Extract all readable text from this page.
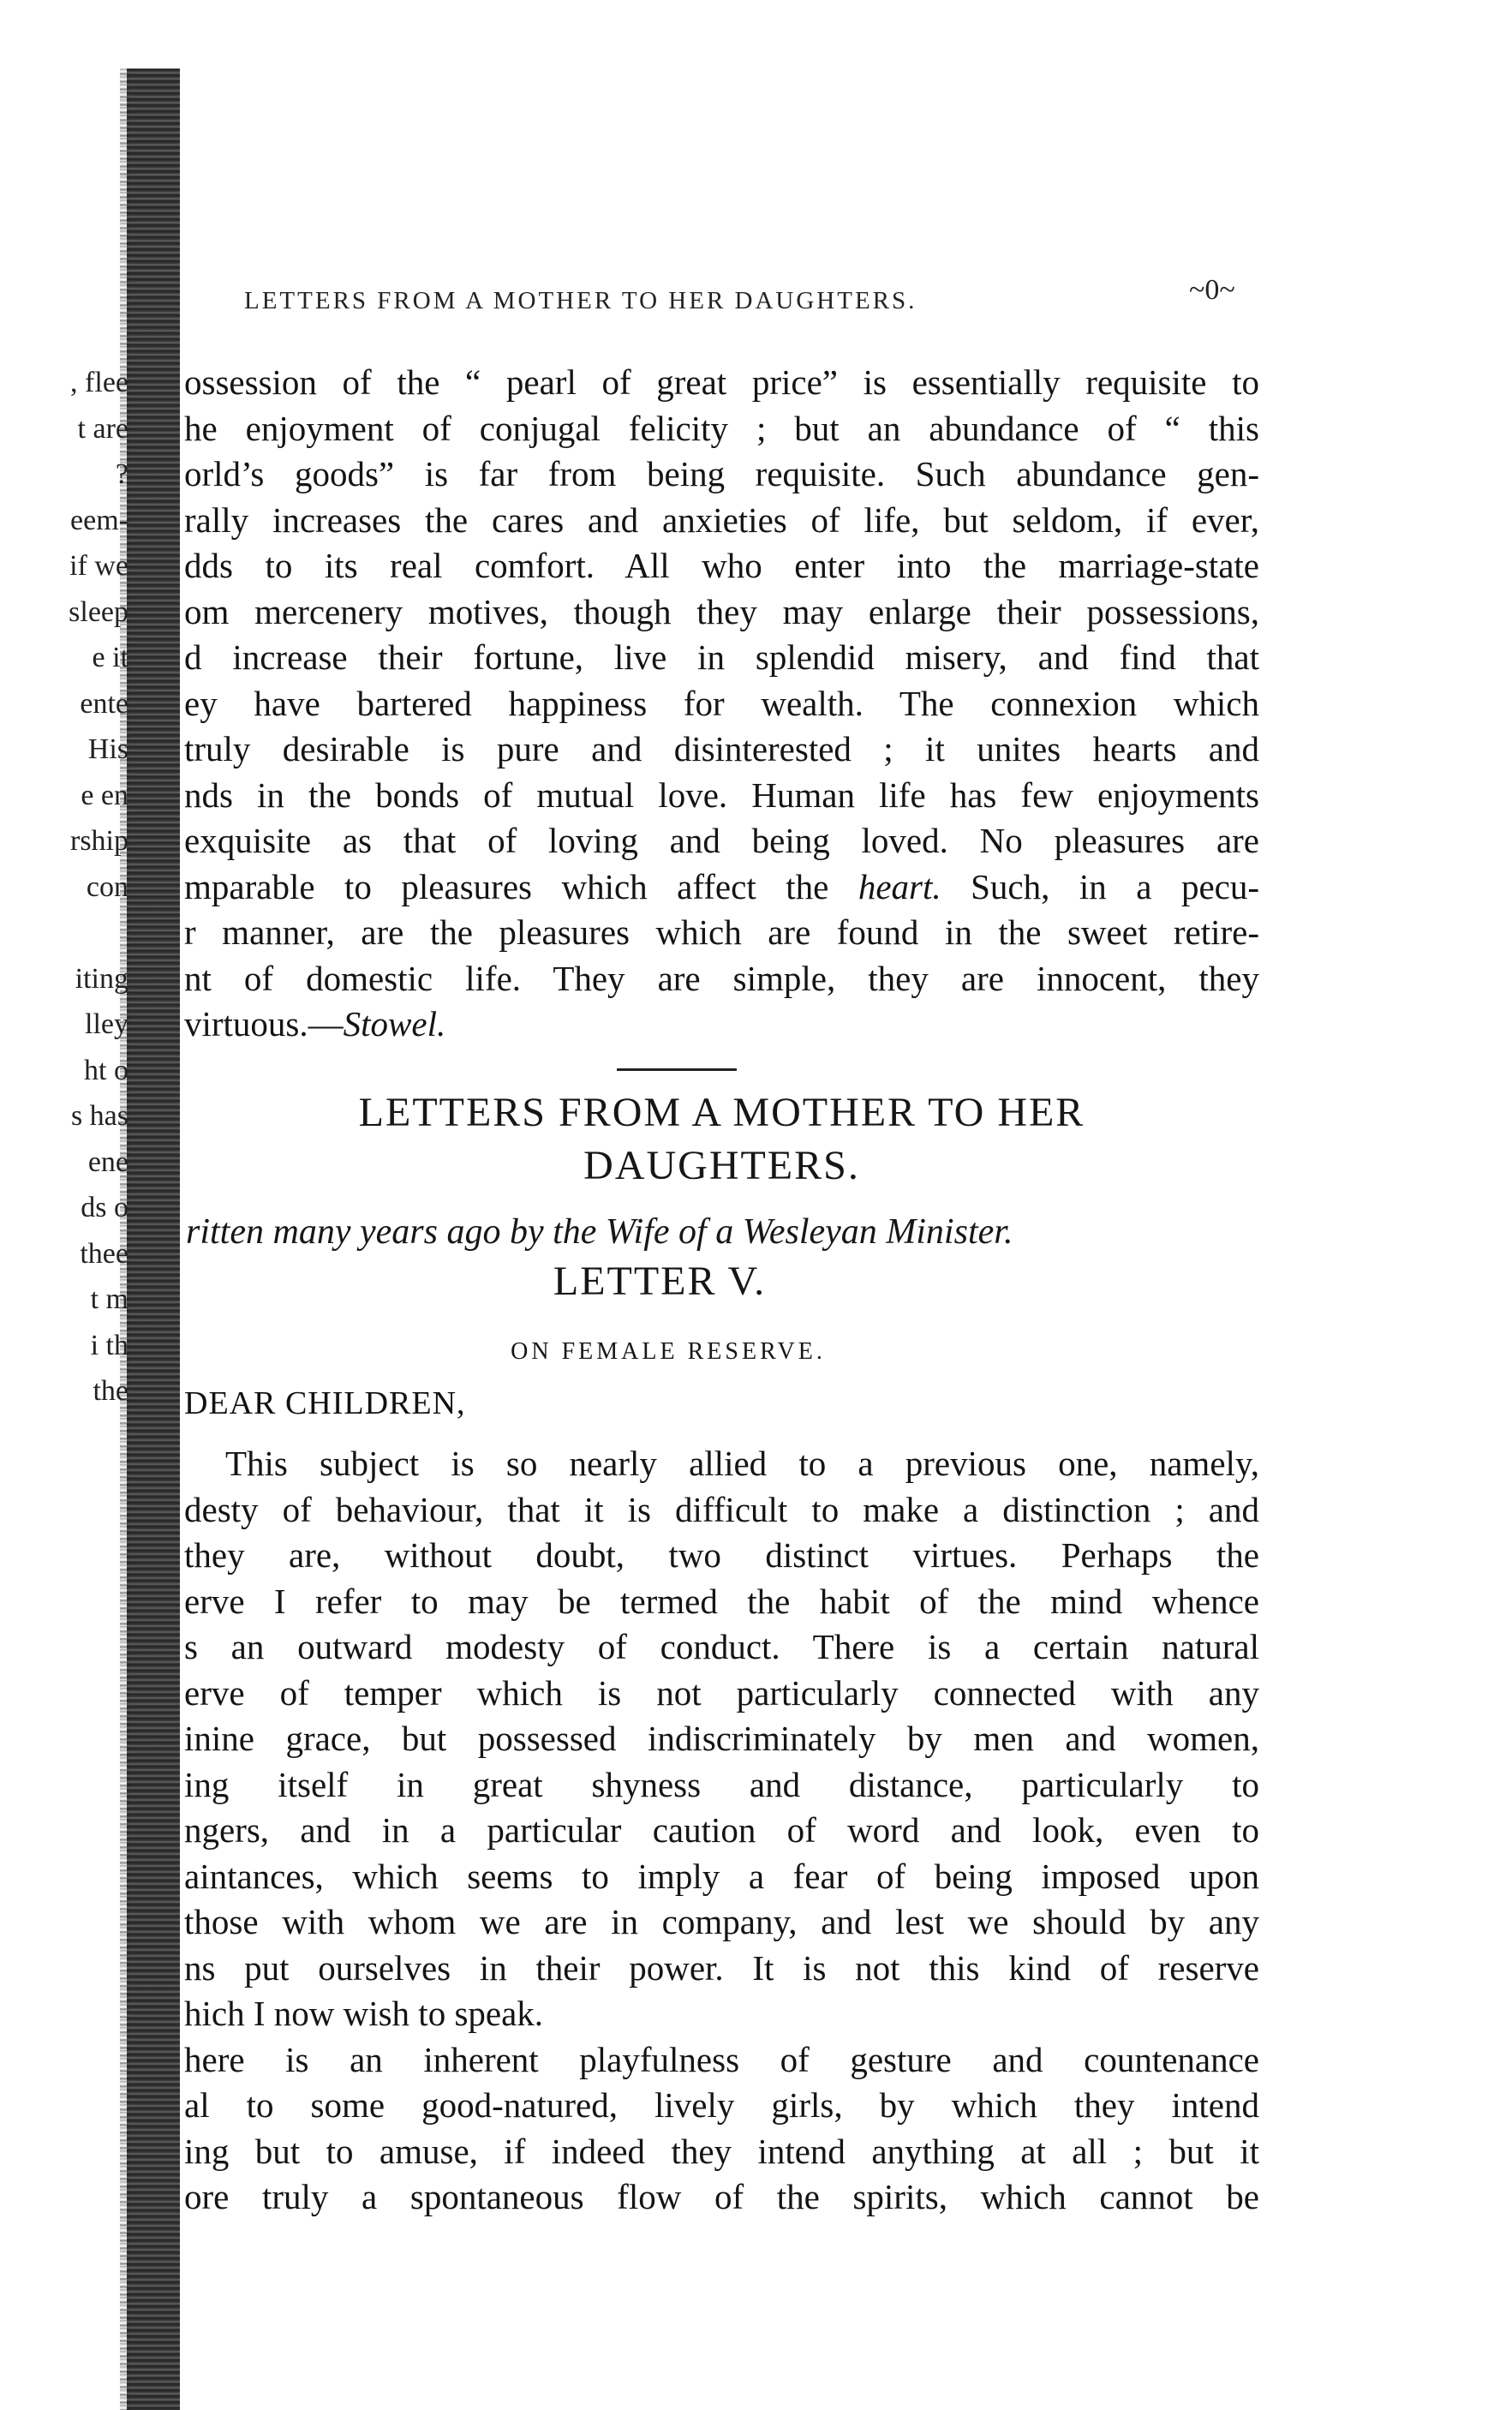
, flee
t are
?
eem-
if we
sleep
e it
ente
His
e en
rship
con
iting
lley
ht o
s has
ene
ds o
thee
t m
i th
the
LETTERS FROM A MOTHER TO HER DAUGHTERS.	~0~
ossession of the “ pearl of great price” is essentially requisite to
he enjoyment of conjugal felicity ; but an abundance of “ this
orld’s goods” is far from being requisite. Such abundance gen-
rally increases the cares and anxieties of life, but seldom, if ever,
dds to its real comfort. All who enter into the marriage-state
om mercenery motives, though they may enlarge their possessions,
d increase their fortune, live in splendid misery, and find that
ey have bartered happiness for wealth. The connexion which
truly desirable is pure and disinterested ; it unites hearts and
nds in the bonds of mutual love. Human life has few enjoyments
exquisite as that of loving and being loved. No pleasures are
mparable to pleasures which affect the heart. Such, in a pecu-
r manner, are the pleasures which are found in the sweet retire-
nt of domestic life. They are simple, they are innocent, they
virtuous.—Stowel.
LETTERS FROM A MOTHER TO HER
DAUGHTERS.
ritten many years ago by the Wife of a Wesleyan Minister.
LETTER V.
ON FEMALE RESERVE.
DEAR CHILDREN,
This subject is so nearly allied to a previous one, namely,
desty of behaviour, that it is difficult to make a distinction ; and
they are, without doubt, two distinct virtues. Perhaps the
erve I refer to may be termed the habit of the mind whence
s an outward modesty of conduct. There is a certain natural
erve of temper which is not particularly connected with any
inine grace, but possessed indiscriminately by men and women,
ing itself in great shyness and distance, particularly to
ngers, and in a particular caution of word and look, even to
aintances, which seems to imply a fear of being imposed upon
those with whom we are in company, and lest we should by any
ns put ourselves in their power. It is not this kind of reserve
hich I now wish to speak.
here is an inherent playfulness of gesture and countenance
al to some good-natured, lively girls, by which they intend
ing but to amuse, if indeed they intend anything at all ; but it
ore truly a spontaneous flow of the spirits, which cannot be
